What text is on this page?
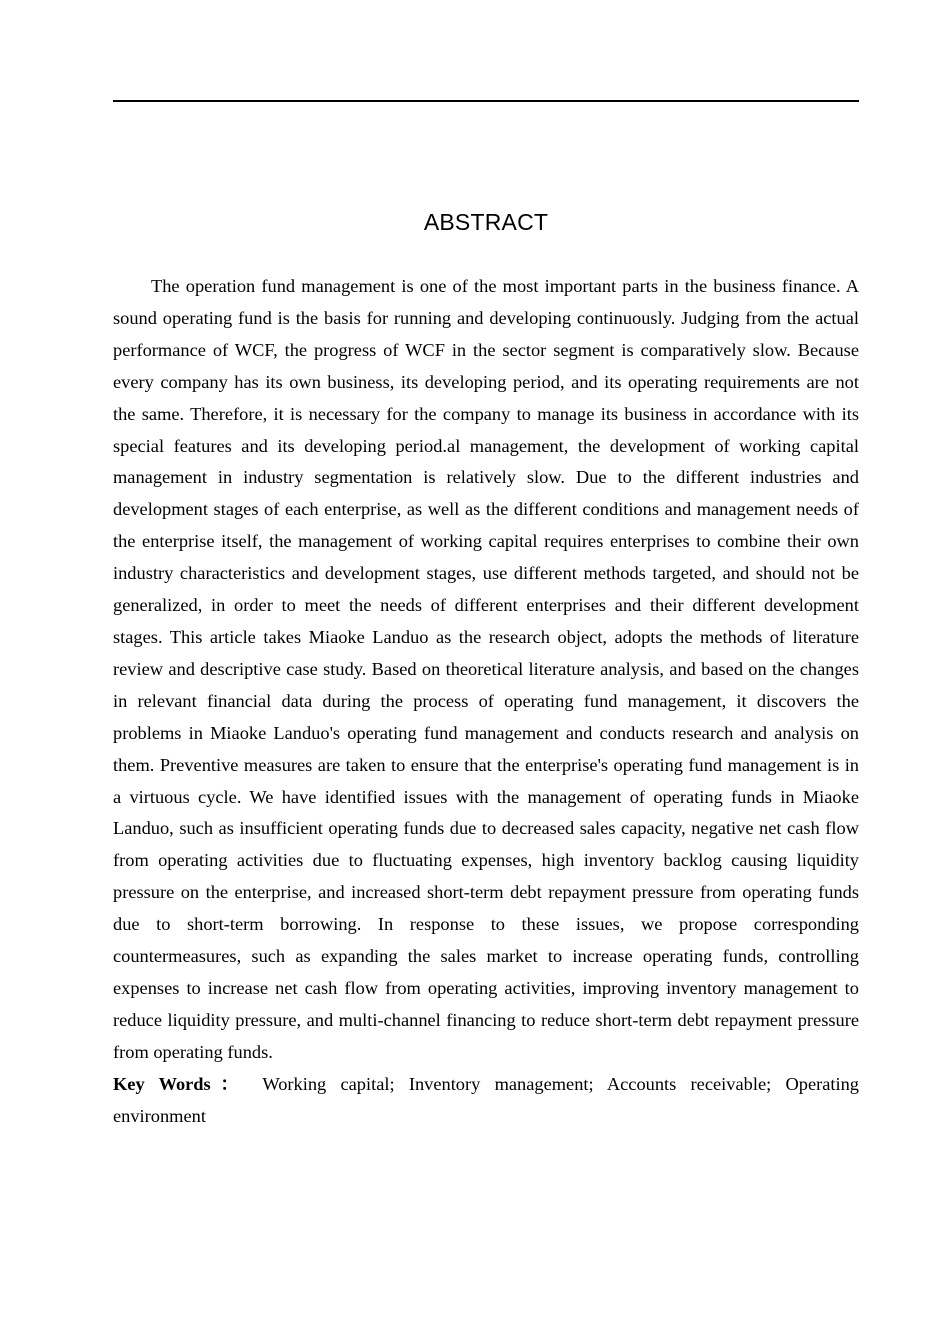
ABSTRACT

The operation fund management is one of the most important parts in the business finance. A sound operating fund is the basis for running and developing continuously. Judging from the actual performance of WCF, the progress of WCF in the sector segment is comparatively slow. Because every company has its own business, its developing period, and its operating requirements are not the same. Therefore, it is necessary for the company to manage its business in accordance with its special features and its developing period.al management, the development of working capital management in industry segmentation is relatively slow. Due to the different industries and development stages of each enterprise, as well as the different conditions and management needs of the enterprise itself, the management of working capital requires enterprises to combine their own industry characteristics and development stages, use different methods targeted, and should not be generalized, in order to meet the needs of different enterprises and their different development stages. This article takes Miaoke Landuo as the research object, adopts the methods of literature review and descriptive case study. Based on theoretical literature analysis, and based on the changes in relevant financial data during the process of operating fund management, it discovers the problems in Miaoke Landuo's operating fund management and conducts research and analysis on them. Preventive measures are taken to ensure that the enterprise's operating fund management is in a virtuous cycle. We have identified issues with the management of operating funds in Miaoke Landuo, such as insufficient operating funds due to decreased sales capacity, negative net cash flow from operating activities due to fluctuating expenses, high inventory backlog causing liquidity pressure on the enterprise, and increased short-term debt repayment pressure from operating funds due to short-term borrowing. In response to these issues, we propose corresponding countermeasures, such as expanding the sales market to increase operating funds, controlling expenses to increase net cash flow from operating activities, improving inventory management to reduce liquidity pressure, and multi-channel financing to reduce short-term debt repayment pressure from operating funds.

Key Words： Working capital; Inventory management; Accounts receivable; Operating environment
